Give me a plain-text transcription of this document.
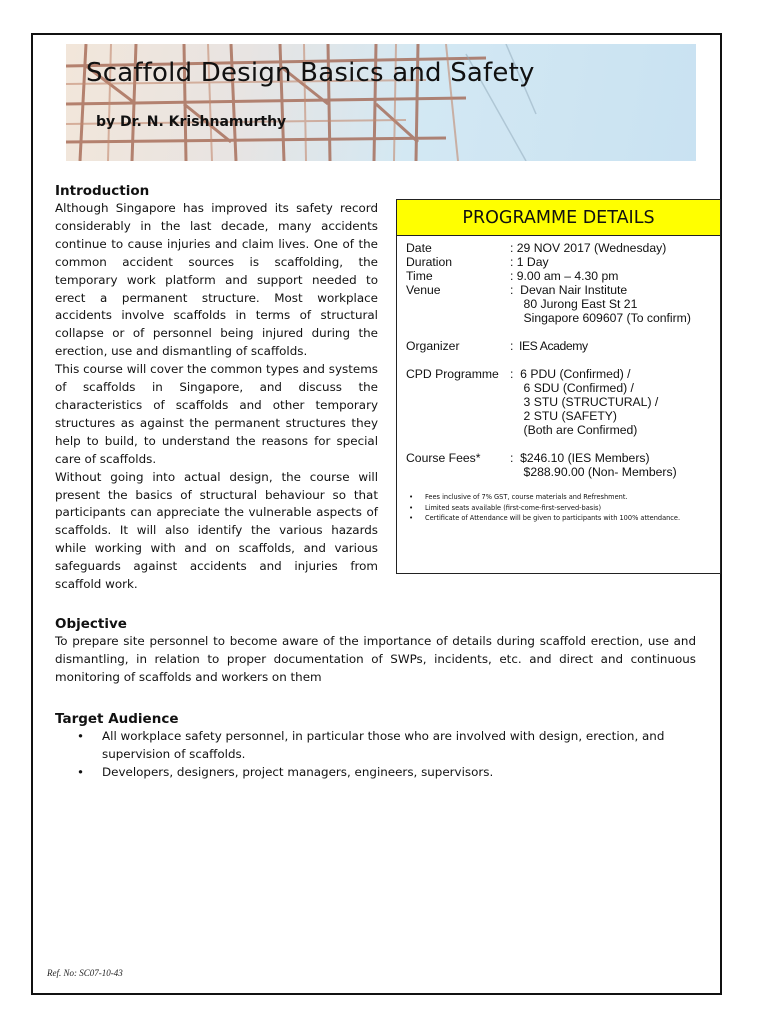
Scaffold Design Basics and Safety

by Dr. N. Krishnamurthy

Introduction

Although Singapore has improved its safety record considerably in the last decade, many accidents continue to cause injuries and claim lives. One of the common accident sources is scaffolding, the temporary work platform and support needed to erect a permanent structure. Most workplace accidents involve scaffolds in terms of structural collapse or of personnel being injured during the erection, use and dismantling of scaffolds.

This course will cover the common types and systems of scaffolds in Singapore, and discuss the characteristics of scaffolds and other temporary structures as against the permanent structures they help to build, to understand the reasons for special care of scaffolds.

Without going into actual design, the course will present the basics of structural behaviour so that participants can appreciate the vulnerable aspects of scaffolds. It will also identify the various hazards while working with and on scaffolds, and various safeguards against accidents and injuries from scaffold work.

PROGRAMME DETAILS
Date	: 29 NOV 2017 (Wednesday)
Duration	: 1 Day
Time	: 9.00 am – 4.30 pm
Venue	:  Devan Nair Institute
80 Jurong East St 21
Singapore 609607 (To confirm)
Organizer	:  IES Academy
CPD Programme :  6 PDU (Confirmed) /
6 SDU (Confirmed) /
3 STU (STRUCTURAL) /
2 STU (SAFETY)
(Both are Confirmed)
Course Fees*	:  $246.10 (IES Members)
$288.90.00 (Non- Members)
• Fees inclusive of 7% GST, course materials and Refreshment.
• Limited seats available (first-come-first-served-basis)
• Certificate of Attendance will be given to participants with 100% attendance.
Objective

To prepare site personnel to become aware of the importance of details during scaffold erection, use and dismantling, in relation to proper documentation of SWPs, incidents, etc. and direct and continuous monitoring of scaffolds and workers on them

Target Audience
• All workplace safety personnel, in particular those who are involved with design, erection, and supervision of scaffolds.
• Developers, designers, project managers, engineers, supervisors.
Ref. No: SC07-10-43
